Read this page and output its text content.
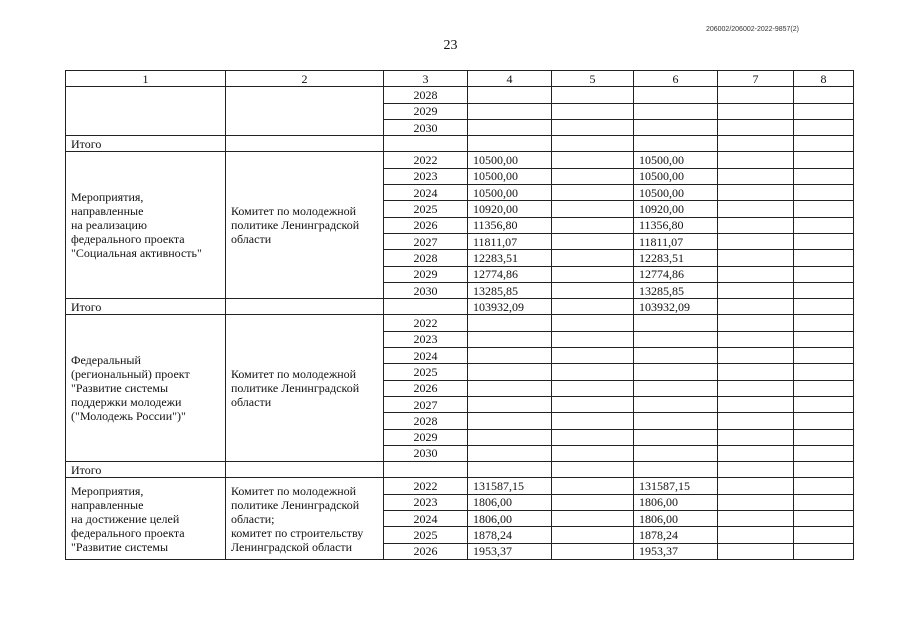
206002/206002-2022-9857(2)
23
1	2	3	4	5	6	7	8
		2028					
		2029					
		2030					
Итого							

Мероприятия,
направленные
на реализацию
федерального проекта
"Социальная активность"	Комитет по молодежной
политике Ленинградской
области	2022	10500,00		10500,00		
		2023	10500,00		10500,00		
		2024	10500,00		10500,00		
		2025	10920,00		10920,00		
		2026	11356,80		11356,80		
		2027	11811,07		11811,07		
		2028	12283,51		12283,51		
		2029	12774,86		12774,86		
		2030	13285,85		13285,85		
Итого			103932,09		103932,09		

Федеральный
(региональный) проект
"Развитие системы
поддержки молодежи
("Молодежь России")"	Комитет по молодежной
политике Ленинградской
области	2022					
		2023					
		2024					
		2025					
		2026					
		2027					
		2028					
		2029					
		2030					
Итого							

Мероприятия,
направленные
на достижение целей
федерального проекта
"Развитие системы	Комитет по молодежной
политике Ленинградской
области;
комитет по строительству
Ленинградской области	2022	131587,15		131587,15		
		2023	1806,00		1806,00		
		2024	1806,00		1806,00		
		2025	1878,24		1878,24		
		2026	1953,37		1953,37		
